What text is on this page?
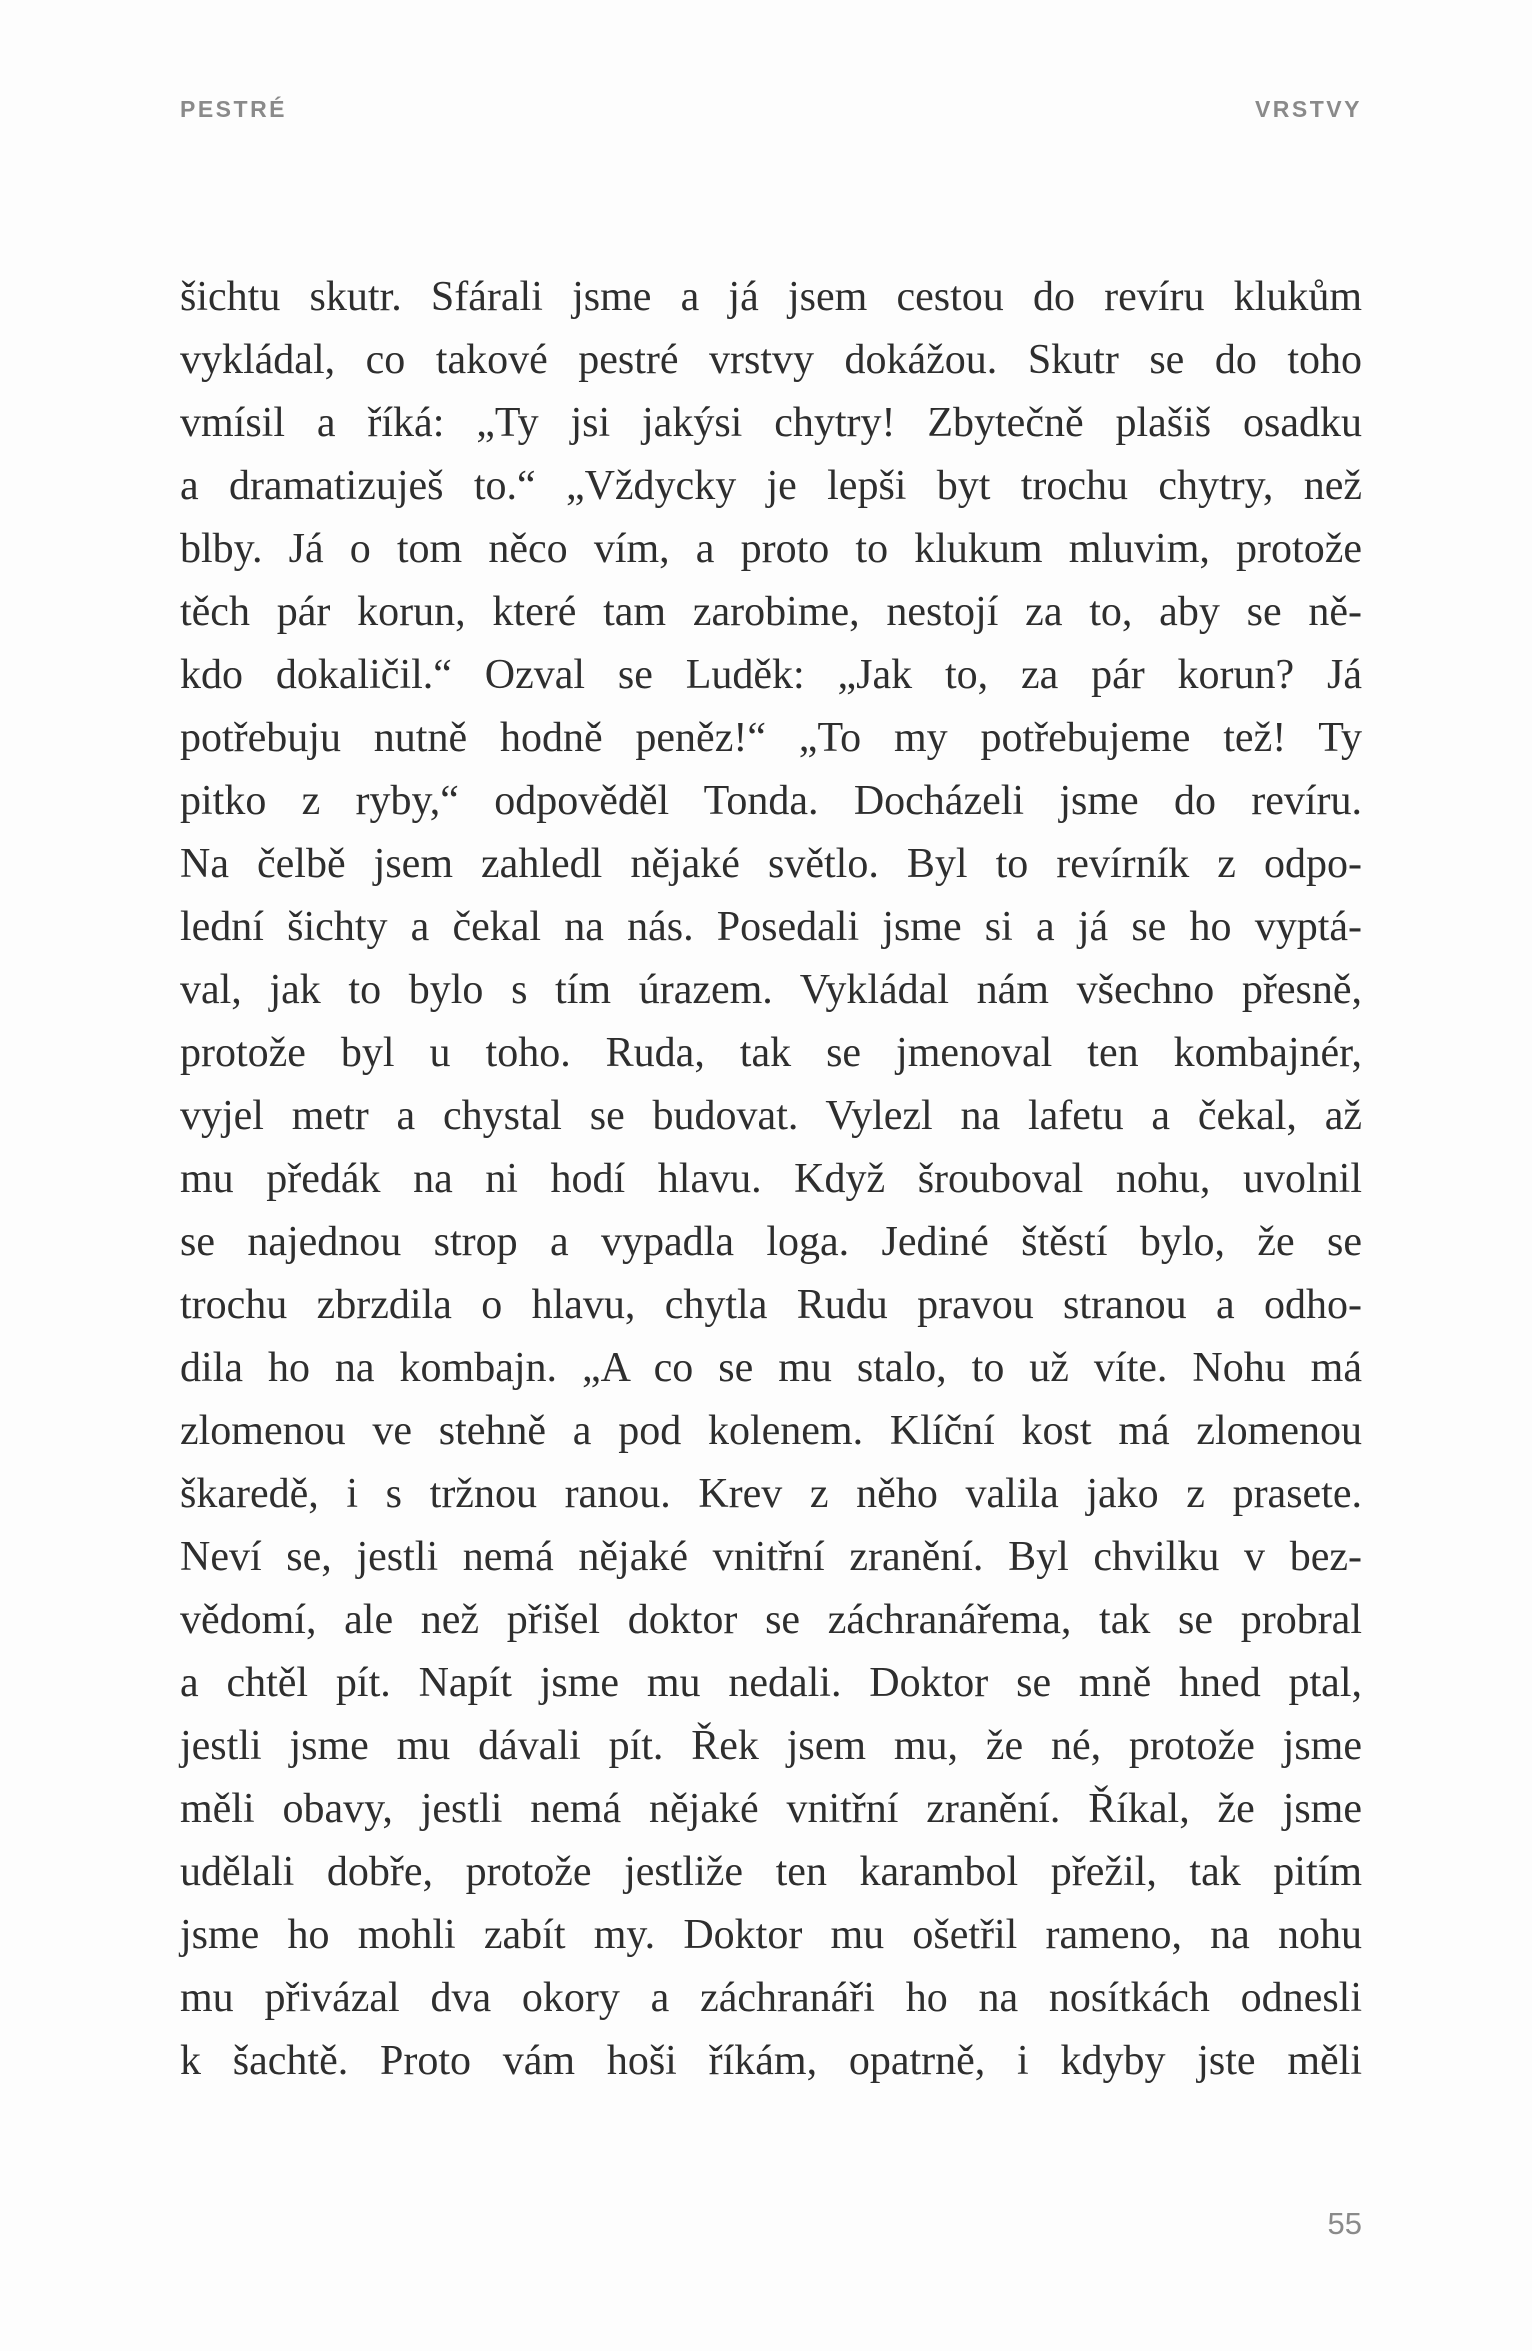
PESTRÉ	VRSTVY
šichtu skutr. Sfárali jsme a já jsem cestou do revíru klukům
vykládal, co takové pestré vrstvy dokážou. Skutr se do toho
vmísil a říká: „Ty jsi jakýsi chytry! Zbytečně plašiš osadku
a dramatizuješ to.“ „Vždycky je lepši byt trochu chytry, než
blby. Já o tom něco vím, a proto to klukum mluvim, protože
těch pár korun, které tam zarobime, nestojí za to, aby se ně-
kdo dokaličil.“ Ozval se Luděk: „Jak to, za pár korun? Já
potřebuju nutně hodně peněz!“ „To my potřebujeme tež! Ty
pitko z ryby,“ odpověděl Tonda. Docházeli jsme do revíru.
Na čelbě jsem zahledl nějaké světlo. Byl to revírník z odpo-
lední šichty a čekal na nás. Posedali jsme si a já se ho vyptá-
val, jak to bylo s tím úrazem. Vykládal nám všechno přesně,
protože byl u toho. Ruda, tak se jmenoval ten kombajnér,
vyjel metr a chystal se budovat. Vylezl na lafetu a čekal, až
mu předák na ni hodí hlavu. Když šrouboval nohu, uvolnil
se najednou strop a vypadla loga. Jediné štěstí bylo, že se
trochu zbrzdila o hlavu, chytla Rudu pravou stranou a odho-
dila ho na kombajn. „A co se mu stalo, to už víte. Nohu má
zlomenou ve stehně a pod kolenem. Klíční kost má zlomenou
škaredě, i s tržnou ranou. Krev z něho valila jako z prasete.
Neví se, jestli nemá nějaké vnitřní zranění. Byl chvilku v bez-
vědomí, ale než přišel doktor se záchranářema, tak se probral
a chtěl pít. Napít jsme mu nedali. Doktor se mně hned ptal,
jestli jsme mu dávali pít. Řek jsem mu, že né, protože jsme
měli obavy, jestli nemá nějaké vnitřní zranění. Říkal, že jsme
udělali dobře, protože jestliže ten karambol přežil, tak pitím
jsme ho mohli zabít my. Doktor mu ošetřil rameno, na nohu
mu přivázal dva okory a záchranáři ho na nosítkách odnesli
k šachtě. Proto vám hoši říkám, opatrně, i kdyby jste měli
55
